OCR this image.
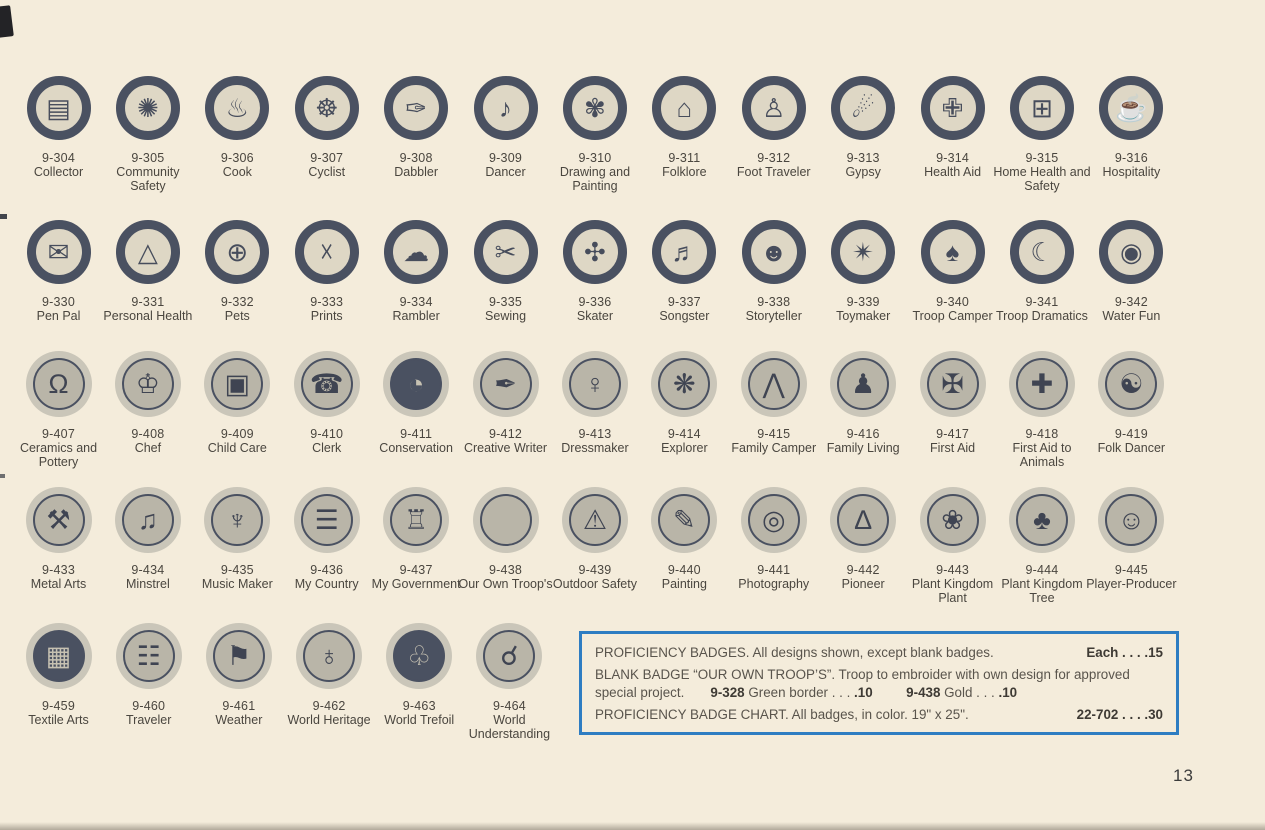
▤
9-304
Collector
✺
9-305
Community Safety
♨
9-306
Cook
☸
9-307
Cyclist
✑
9-308
Dabbler
♪
9-309
Dancer
✾
9-310
Drawing and Painting
⌂
9-311
Folklore
♙
9-312
Foot Traveler
☄
9-313
Gypsy
✙
9-314
Health Aid
⊞
9-315
Home Health and Safety
☕
9-316
Hospitality
✉
9-330
Pen Pal
△
9-331
Personal Health
⊕
9-332
Pets
☓
9-333
Prints
☁
9-334
Rambler
✂
9-335
Sewing
✣
9-336
Skater
♬
9-337
Songster
☻
9-338
Storyteller
✴
9-339
Toymaker
♠
9-340
Troop Camper
☾
9-341
Troop Dramatics
◉
9-342
Water Fun
Ω
9-407
Ceramics and Pottery
♔
9-408
Chef
▣
9-409
Child Care
☎
9-410
Clerk
◔
9-411
Conservation
✒
9-412
Creative Writer
♀
9-413
Dressmaker
❋
9-414
Explorer
⋀
9-415
Family Camper
♟
9-416
Family Living
✠
9-417
First Aid
✚
9-418
First Aid to Animals
☯
9-419
Folk Dancer
⚒
9-433
Metal Arts
♫
9-434
Minstrel
♆
9-435
Music Maker
☰
9-436
My Country
♖
9-437
My Government
9-438
Our Own Troop's
⚠
9-439
Outdoor Safety
✎
9-440
Painting
◎
9-441
Photography
∆
9-442
Pioneer
❀
9-443
Plant Kingdom Plant
♣
9-444
Plant Kingdom Tree
☺
9-445
Player-Producer
▦
9-459
Textile Arts
☷
9-460
Traveler
⚑
9-461
Weather
♁
9-462
World Heritage
♧
9-463
World Trefoil
☌
9-464
World Understanding
PROFICIENCY BADGES. All designs shown, except blank badges.	Each . . . .15
BLANK BADGE “OUR OWN TROOP’S”. Troop to embroider with own design for approved special project. 9-328 Green border . . . .10 9-438 Gold . . . .10
PROFICIENCY BADGE CHART. All badges, in color. 19" x 25".	22-702 . . . .30
13
